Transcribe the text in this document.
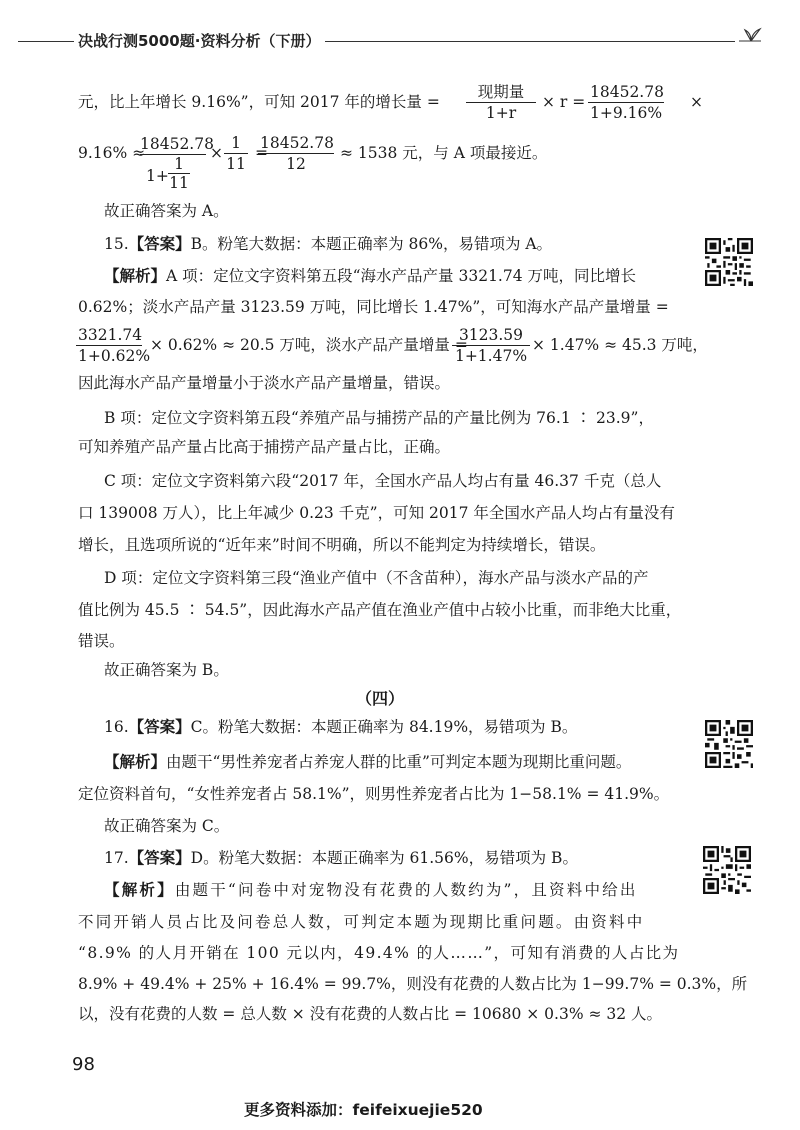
决战行测5000题·资料分析（下册）
元，比上年增长 9.16%”，可知 2017 年的增长量 =
现期量
1+r
× $r = \frac{18452.78}{1+9.16\%}$ ×
9.16% ≈
18452.78
1+
1
11
× $\frac{1}{11}$ =
$\frac{18452.78}{12} \approx 1538$ 元，与 A 项最接近。
故正确答案为 A。
15.【答案】B。粉笔大数据：本题正确率为 86%，易错项为 A。
【解析】A 项：定位文字资料第五段“海水产品产量 3321.74 万吨，同比增长
0.62%；淡水产品产量 3123.59 万吨，同比增长 1.47%”，可知海水产品产量增量 =
$\frac{3321.74}{1+0.62\%} \times 0.62\% \approx 20.5$ 万吨，淡水产品产量增量 =
$\frac{3123.59}{1+1.47\%} \times 1.47\% \approx 45.3$ 万吨，
因此海水产品产量增量小于淡水产品产量增量，错误。
B 项：定位文字资料第五段“养殖产品与捕捞产品的产量比例为 76.1 ∶ 23.9”，
可知养殖产品产量占比高于捕捞产品产量占比，正确。
C 项：定位文字资料第六段“2017 年，全国水产品人均占有量 46.37 千克（总人
口 139008 万人），比上年减少 0.23 千克”，可知 2017 年全国水产品人均占有量没有
增长，且选项所说的“近年来”时间不明确，所以不能判定为持续增长，错误。
D 项：定位文字资料第三段“渔业产值中（不含苗种），海水产品与淡水产品的产
值比例为 45.5 ∶ 54.5”，因此海水产品产值在渔业产值中占较小比重，而非绝大比重，
错误。
故正确答案为 B。
（四）
16.【答案】C。粉笔大数据：本题正确率为 84.19%，易错项为 B。
【解析】由题干“男性养宠者占养宠人群的比重”可判定本题为现期比重问题。
定位资料首句，“女性养宠者占 58.1%”，则男性养宠者占比为 1−58.1% = 41.9%。
故正确答案为 C。
17.【答案】D。粉笔大数据：本题正确率为 61.56%，易错项为 B。
【解析】由题干“问卷中对宠物没有花费的人数约为”，且资料中给出
不同开销人员占比及问卷总人数，可判定本题为现期比重问题。由资料中
“8.9% 的人月开销在 100 元以内，49.4% 的人……”，可知有消费的人占比为
8.9% + 49.4% + 25% + 16.4% = 99.7%，则没有花费的人数占比为 1−99.7% = 0.3%，所
以，没有花费的人数 = 总人数 × 没有花费的人数占比 = 10680 × 0.3% ≈ 32 人。
98
更多资料添加：feifeixuejie520
